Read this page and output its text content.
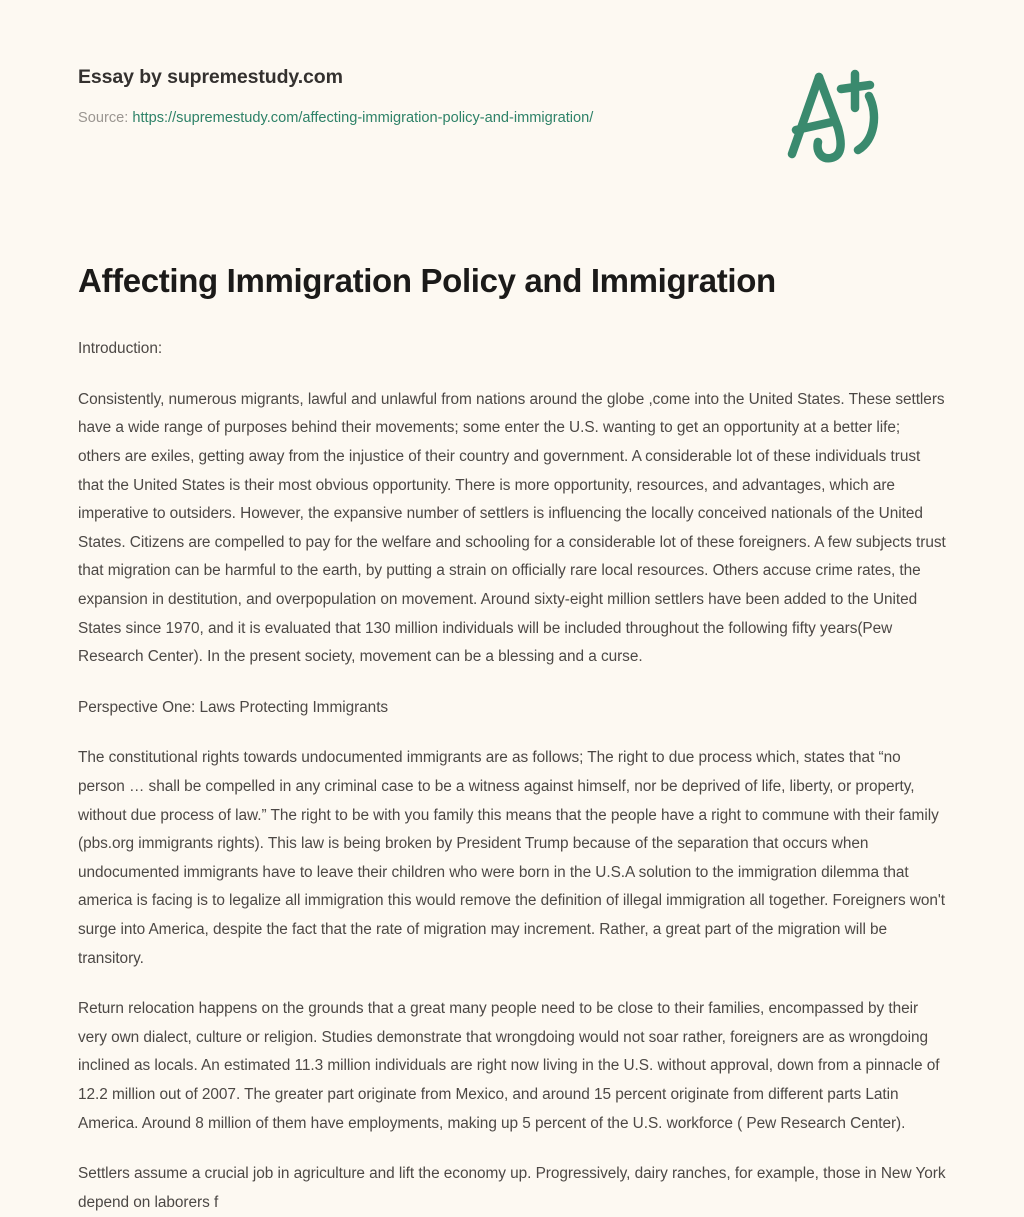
Essay by supremestudy.com
Source: https://supremestudy.com/affecting-immigration-policy-and-immigration/
Affecting Immigration Policy and Immigration

Introduction:

Consistently, numerous migrants, lawful and unlawful from nations around the globe ,come into the United States. These settlers have a wide range of purposes behind their movements; some enter the U.S. wanting to get an opportunity at a better life; others are exiles, getting away from the injustice of their country and government. A considerable lot of these individuals trust that the United States is their most obvious opportunity. There is more opportunity, resources, and advantages, which are imperative to outsiders. However, the expansive number of settlers is influencing the locally conceived nationals of the United States. Citizens are compelled to pay for the welfare and schooling for a considerable lot of these foreigners. A few subjects trust that migration can be harmful to the earth, by putting a strain on officially rare local resources. Others accuse crime rates, the expansion in destitution, and overpopulation on movement. Around sixty-eight million settlers have been added to the United States since 1970, and it is evaluated that 130 million individuals will be included throughout the following fifty years(Pew Research Center). In the present society, movement can be a blessing and a curse.

Perspective One: Laws Protecting Immigrants

The constitutional rights towards undocumented immigrants are as follows; The right to due process which, states that “no person … shall be compelled in any criminal case to be a witness against himself, nor be deprived of life, liberty, or property, without due process of law.” The right to be with you family this means that the people have a right to commune with their family (pbs.org immigrants rights). This law is being broken by President Trump because of the separation that occurs when undocumented immigrants have to leave their children who were born in the U.S.A solution to the immigration dilemma that america is facing is to legalize all immigration this would remove the definition of illegal immigration all together. Foreigners won't surge into America, despite the fact that the rate of migration may increment. Rather, a great part of the migration will be transitory.

Return relocation happens on the grounds that a great many people need to be close to their families, encompassed by their very own dialect, culture or religion. Studies demonstrate that wrongdoing would not soar rather, foreigners are as wrongdoing inclined as locals. An estimated 11.3 million individuals are right now living in the U.S. without approval, down from a pinnacle of 12.2 million out of 2007. The greater part originate from Mexico, and around 15 percent originate from different parts Latin America. Around 8 million of them have employments, making up 5 percent of the U.S. workforce ( Pew Research Center).

Settlers assume a crucial job in agriculture and lift the economy up. Progressively, dairy ranches, for example, those in New York depend on laborers f
